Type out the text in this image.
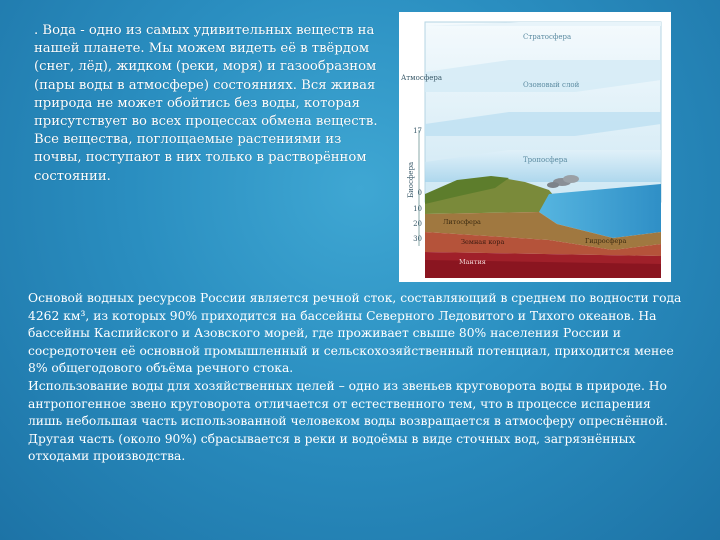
. Вода - одно из самых удивительных веществ на нашей планете. Мы можем видеть её в твёрдом (снег, лёд), жидком (реки, моря) и газообразном (пары воды в атмосфере) состояниях. Вся живая природа не может обойтись без воды, которая присутствует во всех процессах обмена веществ. Все вещества, поглощаемые растениями из почвы, поступают в них только в растворённом состоянии.
Стратосфера
Атмосфера
Озоновый слой
Тропосфера
Биосфера
Литосфера
Земная кора
Мантия
Гидросфера
17
0
10
20
30

Основой водных ресурсов России является речной сток, составляющий в среднем по водности года 4262 км³, из которых 90% приходится на бассейны Северного Ледовитого и Тихого океанов. На бассейны Каспийского и Азовского морей, где проживает свыше 80% населения России и сосредоточен её основной промышленный и сельскохозяйственный потенциал, приходится менее 8% общегодового объёма речного стока.

Использование воды для хозяйственных целей – одно из звеньев круговорота воды в природе. Но антропогенное звено круговорота отличается от естественного тем, что в процессе испарения лишь небольшая часть использованной человеком воды возвращается в атмосферу опреснённой. Другая часть (около 90%) сбрасывается в реки и водоёмы в виде сточных вод, загрязнённых отходами производства.
